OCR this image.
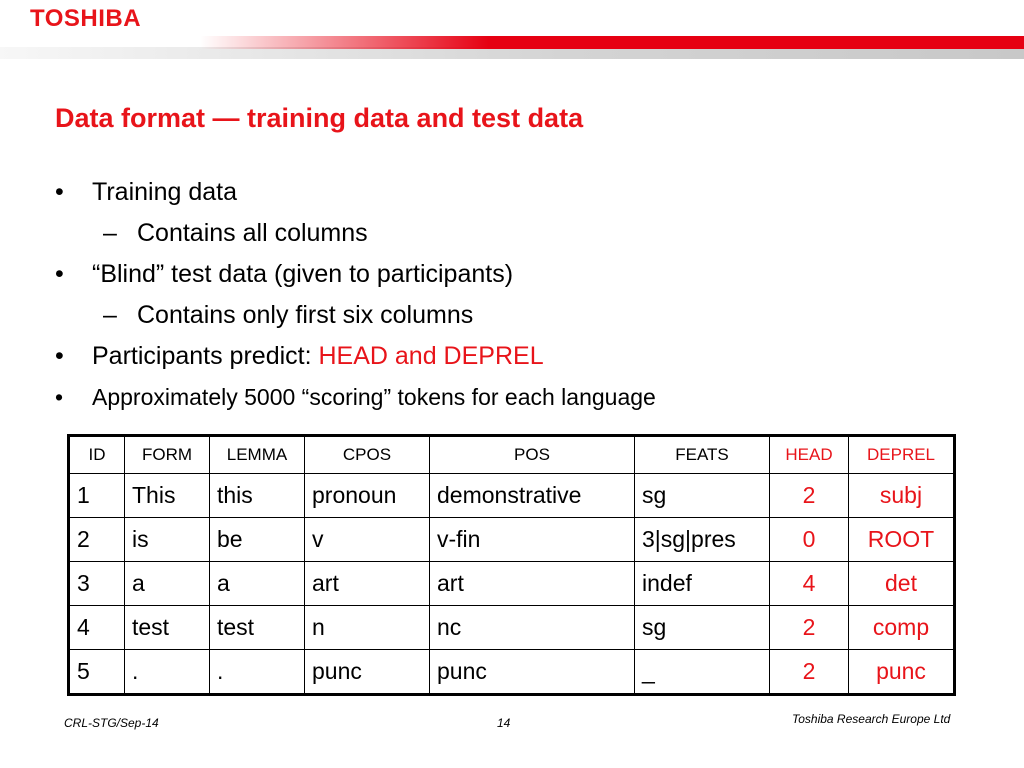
TOSHIBA
Data format — training data and test data
•	Training data
– Contains all columns
•	“Blind” test data (given to participants)
– Contains only first six columns
•	Participants predict: HEAD and DEPREL
•	Approximately 5000 “scoring” tokens for each language
ID	FORM	LEMMA	CPOS	POS	FEATS	HEAD	DEPREL
1	This	this	pronoun	demonstrative	sg	2	subj
2	is	be	v	v-fin	3|sg|pres	0	ROOT
3	a	a	art	art	indef	4	det
4	test	test	n	nc	sg	2	comp
5	.	.	punc	punc	_	2	punc
CRL-STG/Sep-14	14	Toshiba Research Europe Ltd
